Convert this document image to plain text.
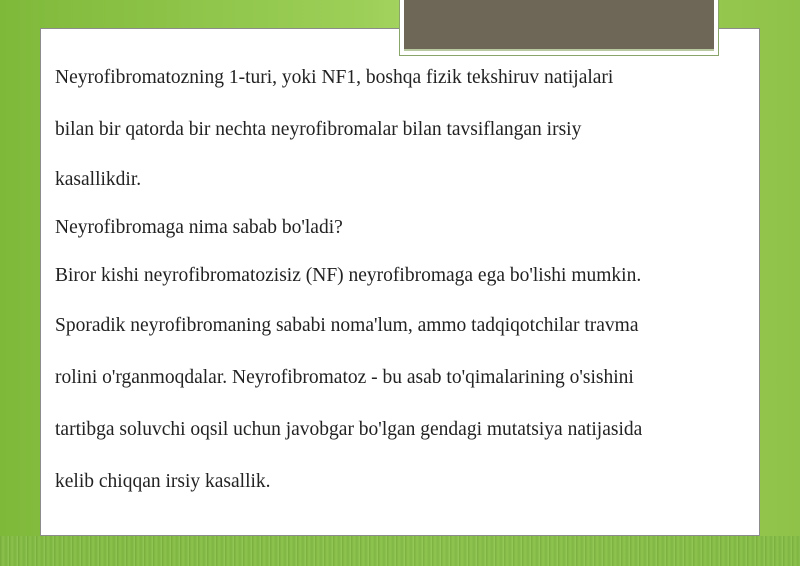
Neyrofibromatozning 1-turi, yoki NF1, boshqa fizik tekshiruv natijalari

bilan bir qatorda bir nechta neyrofibromalar bilan tavsiflangan irsiy

kasallikdir.

Neyrofibromaga nima sabab bo'ladi?

Biror kishi neyrofibromatozisiz (NF) neyrofibromaga ega bo'lishi mumkin.

Sporadik neyrofibromaning sababi noma'lum, ammo tadqiqotchilar travma

rolini o'rganmoqdalar. Neyrofibromatoz - bu asab to'qimalarining o'sishini

tartibga soluvchi oqsil uchun javobgar bo'lgan gendagi mutatsiya natijasida

kelib chiqqan irsiy kasallik.
